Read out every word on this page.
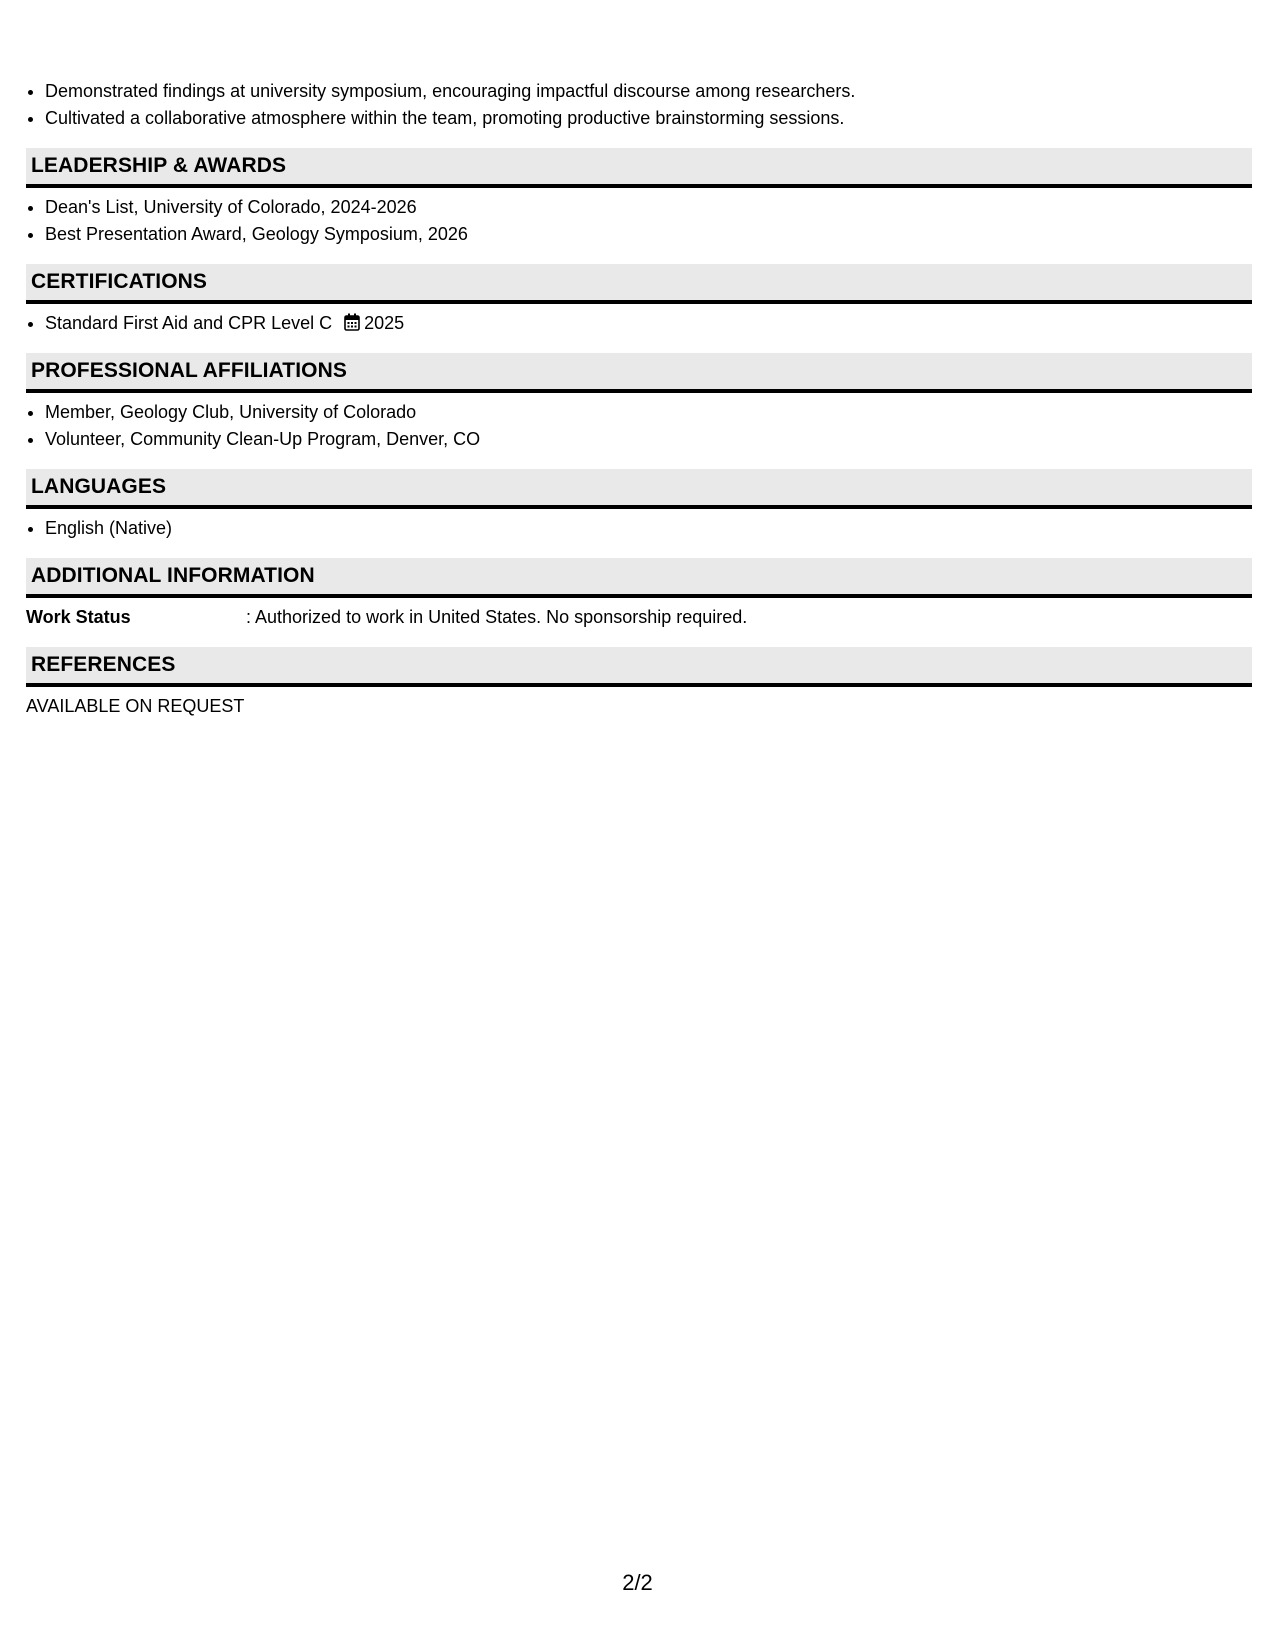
• Demonstrated findings at university symposium, encouraging impactful discourse among researchers.
• Cultivated a collaborative atmosphere within the team, promoting productive brainstorming sessions.
LEADERSHIP & AWARDS
• Dean's List, University of Colorado, 2024-2026
• Best Presentation Award, Geology Symposium, 2026
CERTIFICATIONS
• Standard First Aid and CPR Level C 2025
PROFESSIONAL AFFILIATIONS
• Member, Geology Club, University of Colorado
• Volunteer, Community Clean-Up Program, Denver, CO
LANGUAGES
• English (Native)
ADDITIONAL INFORMATION
Work Status	: Authorized to work in United States. No sponsorship required.
REFERENCES
AVAILABLE ON REQUEST
2/2
